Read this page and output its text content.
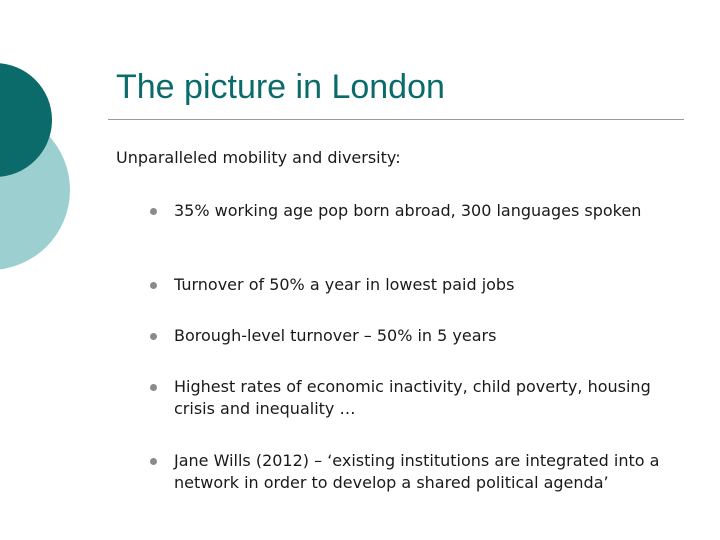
The picture in London
Unparalleled mobility and diversity:
35% working age pop born abroad, 300 languages spoken
Turnover of 50% a year in lowest paid jobs
Borough-level turnover – 50% in 5 years
Highest rates of economic inactivity, child poverty, housing crisis and inequality …
Jane Wills (2012) – ‘existing institutions are integrated into a network in order to develop a shared political agenda’
